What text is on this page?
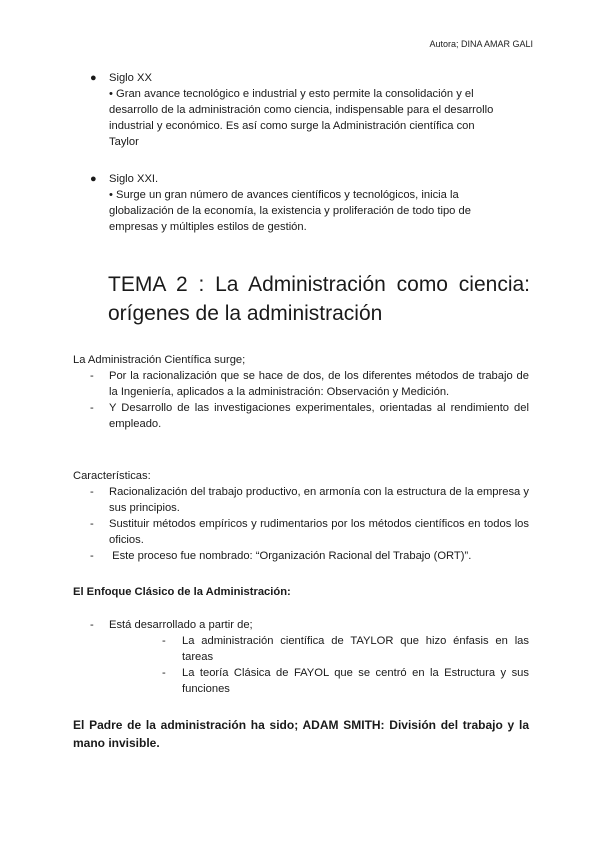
Autora; DINA AMAR GALI
● Siglo XX
• Gran avance tecnológico e industrial y esto permite la consolidación y el desarrollo de la administración como ciencia, indispensable para el desarrollo industrial y económico. Es así como surge la Administración científica con Taylor
● Siglo XXI.
• Surge un gran número de avances científicos y tecnológicos, inicia la globalización de la economía, la existencia y proliferación de todo tipo de empresas y múltiples estilos de gestión.
TEMA 2 : La Administración como ciencia: orígenes de la administración
La Administración Científica surge;
- Por la racionalización que se hace de dos, de los diferentes métodos de trabajo de la Ingeniería, aplicados a la administración: Observación y Medición.
- Y Desarrollo de las investigaciones experimentales, orientadas al rendimiento del empleado.
Características:
- Racionalización del trabajo productivo, en armonía con la estructura de la empresa y sus principios.
- Sustituir métodos empíricos y rudimentarios por los métodos científicos en todos los oficios.
- Este proceso fue nombrado: “Organización Racional del Trabajo (ORT)”.
El Enfoque Clásico de la Administración:
- Está desarrollado a partir de;
- La administración científica de TAYLOR que hizo énfasis en las tareas
- La teoría Clásica de FAYOL que se centró en la Estructura y sus funciones
El Padre de la administración ha sido; ADAM SMITH: División del trabajo y la mano invisible.
